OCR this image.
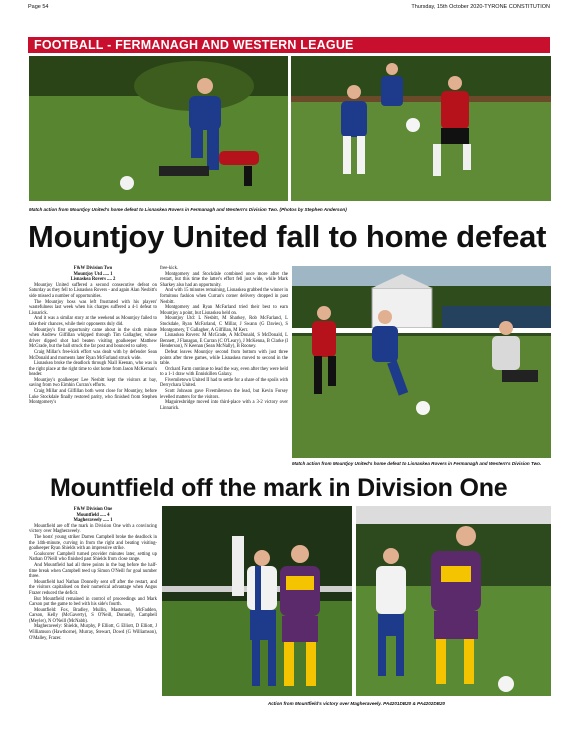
Page 54	Thursday, 15th October 2020-TYRONE CONSTITUTION
FOOTBALL - FERMANAGH AND WESTERN LEAGUE
Match action from Mountjoy United's home defeat to Lisnaskea Rovers in Fermanagh and Western's Division Two. (Photos by Stephen Anderson)
Mountjoy United fall to home defeat

F&W Division Two

Mountjoy Utd ..... 1

Lisnaskea Rovers .... 2

Mountjoy United suffered a second consecutive defeat on Saturday as they fell to Lisnaskea Rovers - and again Alan Nesbitt's side missed a number of opportunities.

The Mountjoy boss was left frustrated with his players' wastefulness last week when his charges suffered a 4-1 defeat to Lisnarick.

And it was a similar story at the weekend as Mountjoy failed to take their chances, while their opponents duly did.

Mountjoy's first opportunity came about in the sixth minute when Andrew Gilfillan whipped through Tim Gallagher, whose driver dipped shot had beaten visiting goalkeeper Matthew McGrade, but the ball struck the far post and bounced to safety.

Craig Millar's free-kick effort was dealt with by defender Sean McDonald and moments later Ryan McFarland struck wide.

Lisnaskea broke the deadlock through Niall Keenan, who was in the right place at the right time to slot home from Jason McKernan's header.

Mountjoy's goalkeeper Lee Nesbitt kept the visitors at bay, saving from two Eimhin Curran's efforts.

Craig Millar and Gilfillan both went close for Mountjoy, before Luke Stockdale finally restored parity, who finished from Stephen Montgomery's

free-kick.

Montgomery and Stockdale combined once more after the restart, but this time the latter's effort fell just wide, while Mark Sharkey also had an opportunity.

And with 15 minutes remaining, Lisnaskea grabbed the winner in fortuitous fashion when Curran's corner delivery dropped in past Nesbitt.

Montgomery and Ryan McFarland tried their best to earn Mountjoy a point, but Lisnaskea held on.

Mountjoy Utd: L Nesbitt, M Sharkey, Rob McFarland, L Stockdale, Ryan McFarland, C Millar, J Swann (G Davies), S Montgomery, T Gallagher, A Gilfillan, M Kerr.

Lisnaskea Rovers: M McGrade, A McDonald, S McDonald, L Bennett, J Flanagan, E Curran (C O'Leary), J McKenna, B Clarke (I Henderson), N Keenan (Sean McNally), B Rooney.

Defeat leaves Mountjoy second from bottom with just three points after three games, while Lisnaskea moved to second in the table.

Orchard Farm continue to lead the way, even after they were held to a 1-1 draw with Enniskillen Galaxy.

Fivemiletown United II had to settle for a share of the spoils with Derrychara United.

Scott Johnson gave Fivemiletown the lead, but Kevin Forsey levelled matters for the visitors.

Maguiresbridge moved into third-place with a 3-2 victory over Linnarick.

Match action from Mountjoy United's home defeat to Lisnaskea Rovers in Fermanagh and Western's Division Two.
Mountfield off the mark in Division One

F&W Division One

Mountfield ..... 4

Magheraveely ..... 1

Mountfield are off the mark in Division One with a convincing victory over Magheraveely.

The hosts' young striker Darren Campbell broke the deadlock in the 14th-minute, curving in from the right and beating visiting-goalkeeper Ryan Shields with an impressive strike.

Goalscorer Campbell turned provider minutes later, setting up Nathan O'Neill who finished past Shields from close range.

And Mountfield had all three points in the bag before the half-time break when Campbell teed up Simon O'Neill for goal number three.

Mountfield had Nathan Donnelly sent off after the restart, and the visitors capitalised on their numerical advantage when Angus Frazer reduced the deficit.

But Mountfield remained in control of proceedings and Mark Carson put the game to bed with his side's fourth.

Mountfield: Fox, Bradley, Mullin, Masterson, McFadden, Carson, Kelly (McGaverty), S O'Neill, Donnelly, Campbell (Meyler), N O'Neill (McNabb).

Magheraveely: Shields, Murphy, P Elliott, G Elliott, D Elliott, J Williamson (Hawthorne), Murray, Stewart, Dowd (G Williamson), O'Malley, Frazer.

Action from Mountfield's victory over Magheraveely. PA4201DB20 & PA4202DB20
